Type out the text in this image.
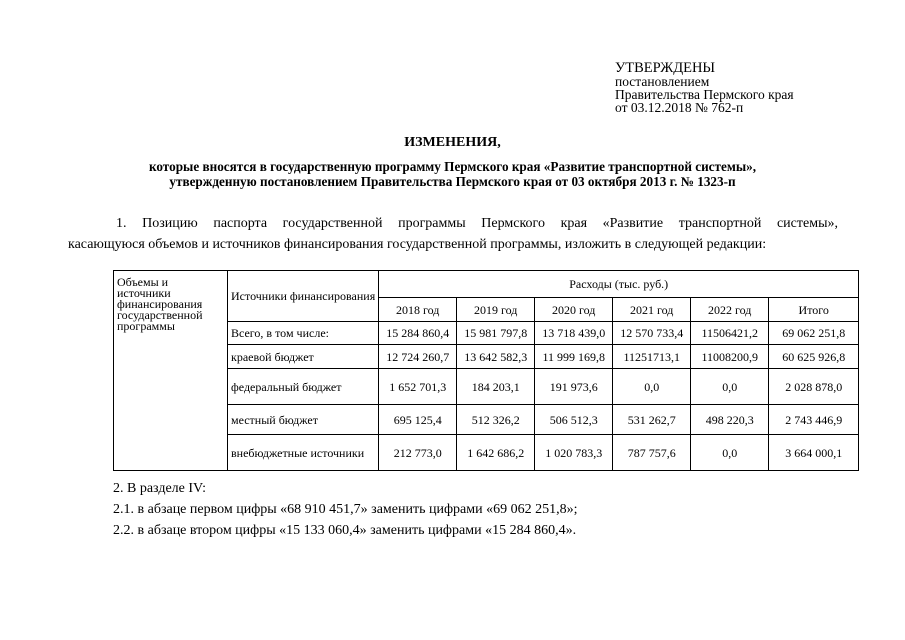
УТВЕРЖДЕНЫ
постановлением
Правительства Пермского края
от 03.12.2018 № 762-п
ИЗМЕНЕНИЯ,
которые вносятся в государственную программу Пермского края «Развитие транспортной системы»,
утвержденную постановлением Правительства Пермского края от 03 октября 2013 г. № 1323-п
1. Позицию паспорта государственной программы Пермского края «Развитие транспортной системы»,
касающуюся объемов и источников финансирования государственной программы, изложить в следующей редакции:
Объемы и источники финансирования государственной программы	Источники финансирования	Расходы (тыс. руб.)					
		2018 год	2019 год	2020 год	2021 год	2022 год	Итого
	Всего, в том числе:	15 284 860,4	15 981 797,8	13 718 439,0	12 570 733,4	11506421,2	69 062 251,8
	краевой бюджет	12 724 260,7	13 642 582,3	11 999 169,8	11251713,1	11008200,9	60 625 926,8
	федеральный бюджет	1 652 701,3	184 203,1	191 973,6	0,0	0,0	2 028 878,0
	местный бюджет	695 125,4	512 326,2	506 512,3	531 262,7	498 220,3	2 743 446,9
	внебюджетные источники	212 773,0	1 642 686,2	1 020 783,3	787 757,6	0,0	3 664 000,1
2. В разделе IV:
2.1. в абзаце первом цифры «68 910 451,7» заменить цифрами «69 062 251,8»;
2.2. в абзаце втором цифры «15 133 060,4» заменить цифрами «15 284 860,4».
